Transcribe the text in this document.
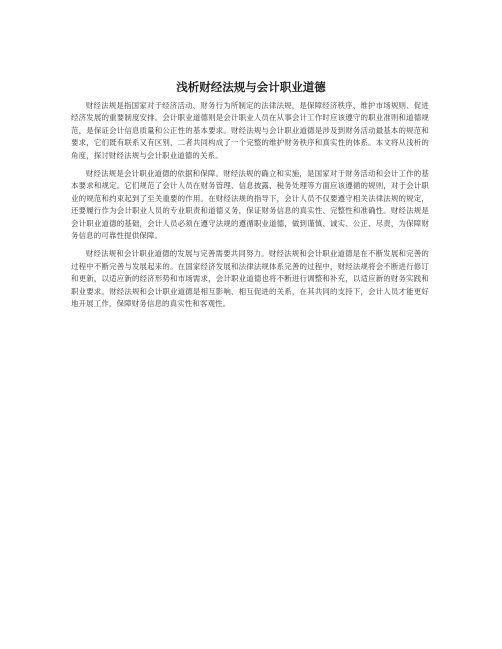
浅析财经法规与会计职业道德

财经法规是指国家对于经济活动、财务行为所制定的法律法规，是保障经济秩序、维护市场规则、促进经济发展的重要制度安排。会计职业道德则是会计职业人员在从事会计工作时应该遵守的职业准则和道德规范，是保证会计信息质量和公正性的基本要求。财经法规与会计职业道德是涉及到财务活动最基本的规范和要求，它们既有联系又有区别，二者共同构成了一个完整的维护财务秩序和真实性的体系。本文将从浅析的角度，探讨财经法规与会计职业道德的关系。

财经法规是会计职业道德的依据和保障。财经法规的确立和实施，是国家对于财务活动和会计工作的基本要求和规定。它们规范了会计人员在财务管理、信息披露、税务处理等方面应该遵循的规则，对于会计职业的规范和约束起到了至关重要的作用。在财经法规的指导下，会计人员不仅要遵守相关法律法规的规定，还要履行作为会计职业人员的专业职责和道德义务，保证财务信息的真实性、完整性和准确性。财经法规是会计职业道德的基础，会计人员必须在遵守法规的遵循职业道德，做到谨慎、诚实、公正、尽责，为保障财务信息的可靠性提供保障。

财经法规和会计职业道德的发展与完善需要共同努力。财经法规和会计职业道德是在不断发展和完善的过程中不断完善与发展起来的。在国家经济发展和法律法规体系完善的过程中，财经法规将会不断进行修订和更新，以适应新的经济形势和市场需求，会计职业道德也将不断进行调整和补充，以适应新的财务实践和职业要求。财经法规和会计职业道德是相互影响、相互促进的关系，在其共同的支持下，会计人员才能更好地开展工作，保障财务信息的真实性和客观性。
